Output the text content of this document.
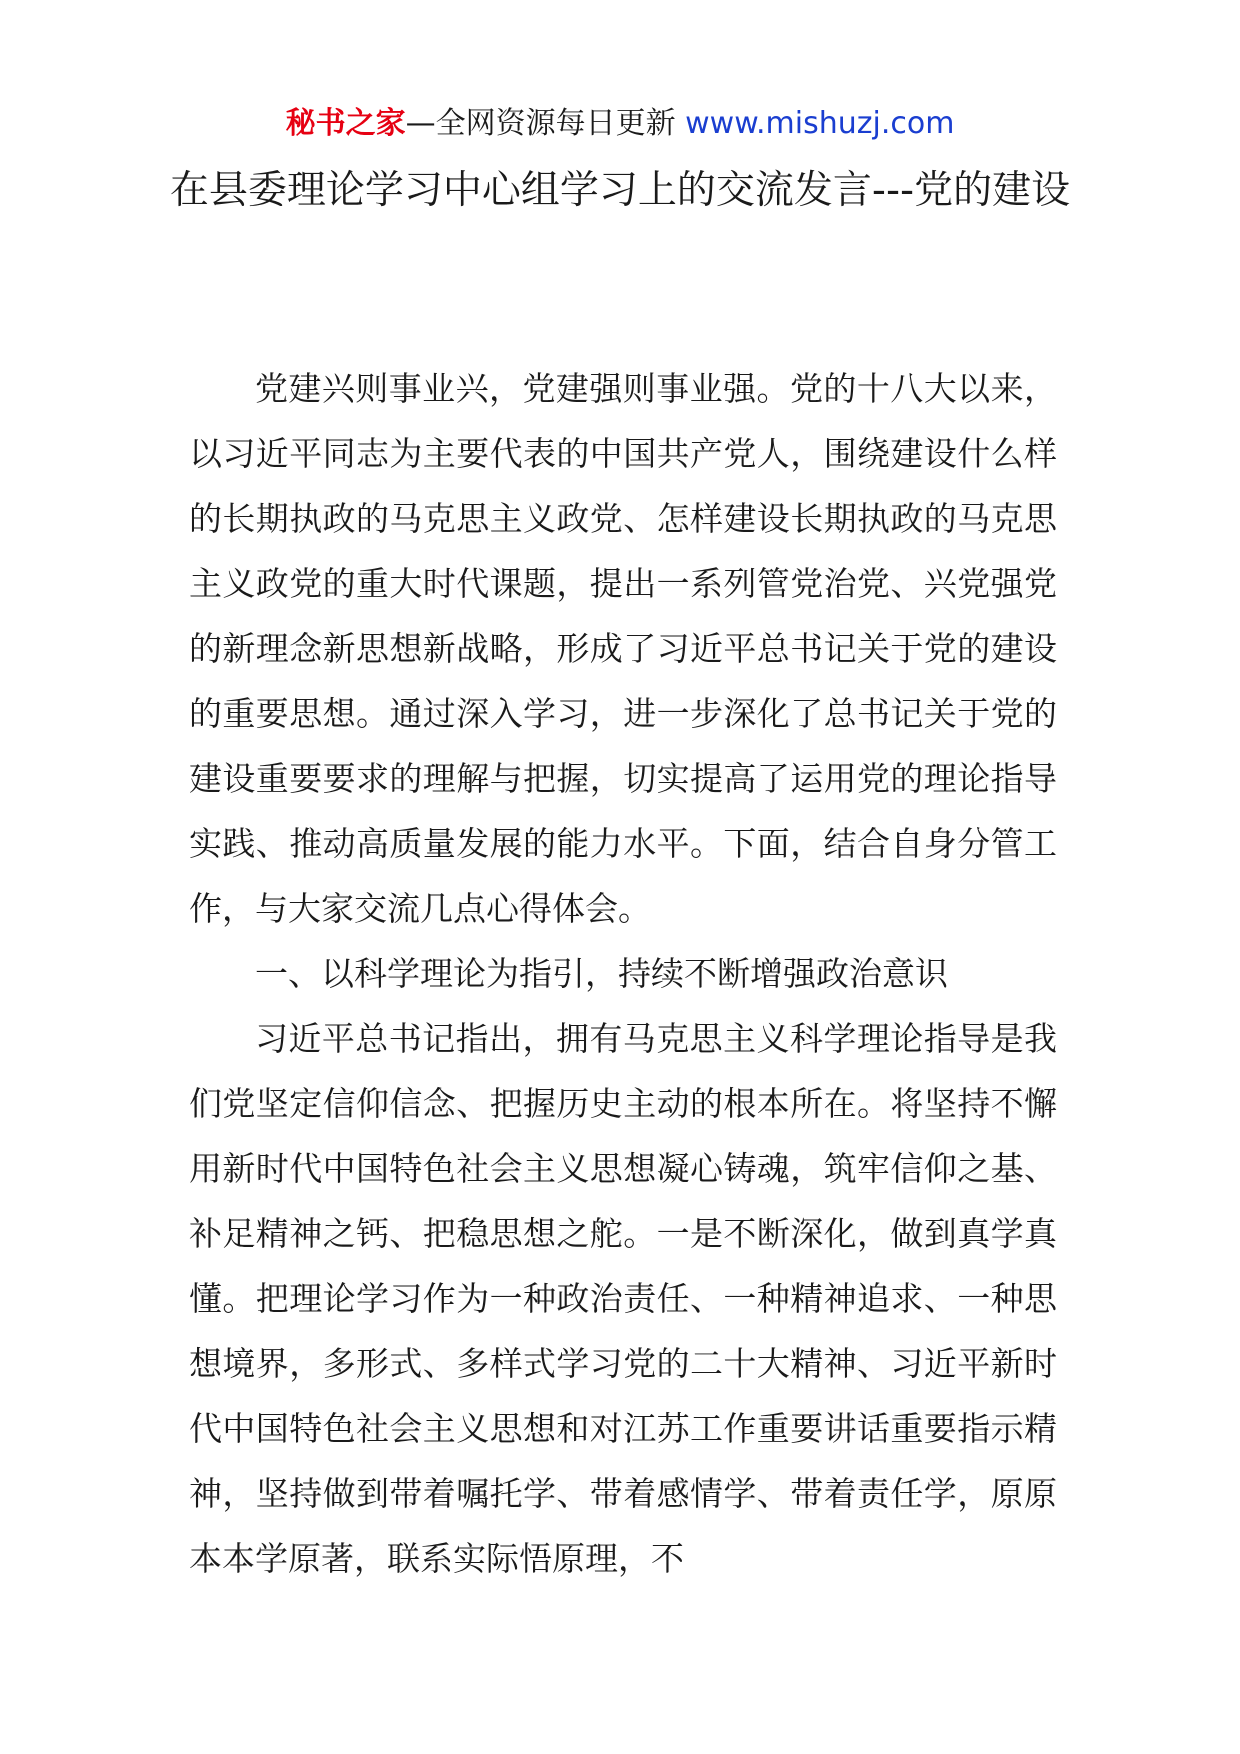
秘书之家—全网资源每日更新 www.mishuzj.com
在县委理论学习中心组学习上的交流发言---党的建设

党建兴则事业兴，党建强则事业强。党的十八大以来，以习近平同志为主要代表的中国共产党人，围绕建设什么样的长期执政的马克思主义政党、怎样建设长期执政的马克思主义政党的重大时代课题，提出一系列管党治党、兴党强党的新理念新思想新战略，形成了习近平总书记关于党的建设的重要思想。通过深入学习，进一步深化了总书记关于党的建设重要要求的理解与把握，切实提高了运用党的理论指导实践、推动高质量发展的能力水平。下面，结合自身分管工作，与大家交流几点心得体会。

一、以科学理论为指引，持续不断增强政治意识

习近平总书记指出，拥有马克思主义科学理论指导是我们党坚定信仰信念、把握历史主动的根本所在。将坚持不懈用新时代中国特色社会主义思想凝心铸魂，筑牢信仰之基、补足精神之钙、把稳思想之舵。一是不断深化，做到真学真懂。把理论学习作为一种政治责任、一种精神追求、一种思想境界，多形式、多样式学习党的二十大精神、习近平新时代中国特色社会主义思想和对江苏工作重要讲话重要指示精神，坚持做到带着嘱托学、带着感情学、带着责任学，原原本本学原著，联系实际悟原理，不
